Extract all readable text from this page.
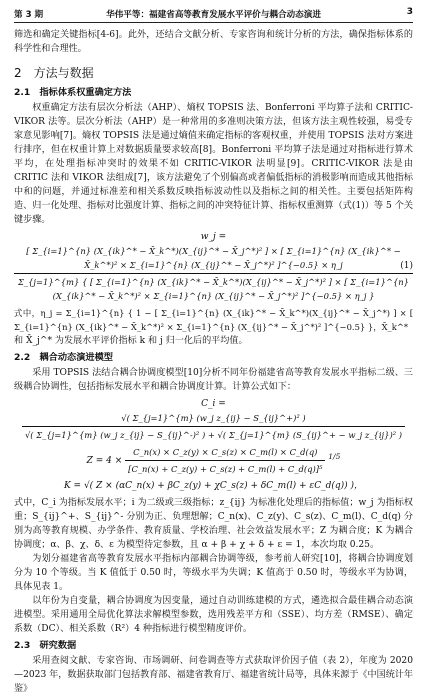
第 3 期	华伟平等：福建省高等教育发展水平评价与耦合动态演进	3

筛选和确定关键指标[4-6]。此外，还结合文献分析、专家咨询和统计分析的方法，确保指标体系的科学性和合理性。

2　方法与数据
2.1　指标体系权重确定方法

权重确定方法有层次分析法（AHP）、熵权 TOPSIS 法、Bonferroni 平均算子法和 CRITIC-VIKOR 法等。层次分析法（AHP）是一种常用的多准则决策方法，但该方法主观性较强，易受专家意见影响[7]。熵权 TOPSIS 法是通过熵值来确定指标的客观权重，并使用 TOPSIS 法对方案进行排序，但在权重计算上对数据质量要求较高[8]。Bonferroni 平均算子法是通过对指标进行算术平均，在处理指标冲突时的效果不如 CRITIC-VIKOR 法明显[9]。CRITIC-VIKOR 法是由 CRITIC 法和 VIKOR 法组成[7]，该方法避免了个别偏高或者偏低指标的消极影响而造成其他指标中和的问题，并通过标准差和相关系数反映指标波动性以及指标之间的相关性。主要包括矩阵构造、归一化处理、指标对比强度计算、指标之间的冲突特征计算、指标权重测算（式(1)）等 5 个关键步骤。

w_j =
[ Σ_{i=1}^{n} (X_{ik}^* − X̄_k^*)(X_{ij}^* − X̄_j^*)² ] × [ Σ_{i=1}^{n} (X_{ik}^* − X̄_k^*)² × Σ_{i=1}^{n} (X_{ij}^* − X̄_j^*)² ]^{−0.5} × η_j
Σ_{j=1}^{m} { [ Σ_{i=1}^{n} (X_{ik}^* − X̄_k^*)(X_{ij}^* − X̄_j^*)² ] × [ Σ_{i=1}^{n} (X_{ik}^* − X̄_k^*)² × Σ_{i=1}^{n} (X_{ij}^* − X̄_j^*)² ]^{−0.5} × η_j }
(1)

式中，η_j = Σ_{i=1}^{n} { 1 − [ Σ_{i=1}^{n} (X_{ik}^* − X̄_k^*)(X_{ij}^* − X̄_j^*) ] × [ Σ_{i=1}^{n} (X_{ik}^* − X̄_k^*)² × Σ_{i=1}^{n} (X_{ij}^* − X̄_j^*)² ]^{−0.5} }，X̄_k^*

和 X̄_j^* 为发展水平评价指标 k 和 j 归一化后的平均值。

2.2　耦合动态演进模型

采用 TOPSIS 法结合耦合协调度模型[10]分析不同年份福建省高等教育发展水平指标二级、三级耦合协调性，包括指标发展水平和耦合协调度计算。计算公式如下：

C_i =
√( Σ_{j=1}^{m} (w_j z_{ij} − S_{ij}^+)² )
√( Σ_{j=1}^{m} (w_j z_{ij} − S_{ij}^-)² ) + √( Σ_{j=1}^{m} (S_{ij}^+ − w_j z_{ij})² )
$Z = 4 \times \frac{C\_n(x) \times C\_z(y) \times C\_s(z) \times C\_m(l) \times C\_d(q)}{\text{[C\_n(x) + C\_z(y) + C\_s(z) + C\_m(l) + C\_d(q)]⁵}} ^{1/5}$
K = √( Z × (αC_n(x) + βC_z(y) + χC_s(z) + δC_m(l) + εC_d(q)) )，

式中，C_i 为指标发展水平；i 为二级或三级指标；z_{ij} 为标准化处理后的指标值；w_j 为指标权重；S_{ij}^+、S_{ij}^- 分别为正、负理想解；C_n(x)、C_z(y)、C_s(z)、C_m(l)、C_d(q) 分别为高等教育规模、办学条件、教育质量、学校治理、社会效益发展水平；Z 为耦合度；K 为耦合协调度；α、β、χ、δ、ε 为模型待定参数，且 α + β + χ + δ + ε = 1，本次均取 0.25。

为划分福建省高等教育发展水平指标内部耦合协调等级，参考前人研究[10]，将耦合协调度划分为 10 个等级。当 K 值低于 0.50 时，等级水平为失调；K 值高于 0.50 时，等级水平为协调，具体见表 1。

以年份为自变量，耦合协调度为因变量，通过自动训练建模的方式，遴选拟合最佳耦合动态演进模型。采用通用全局优化算法求解模型参数，选用残差平方和（SSE）、均方差（RMSE）、确定系数（DC）、相关系数（R²）4 种指标进行模型精度评价。

2.3　研究数据

采用查阅文献、专家咨询、市场调研、问卷调查等方式获取评价因子值（表 2），年度为 2020—2023 年，数据获取部门包括教育部、福建省教育厅、福建省统计局等，具体来源于《中国统计年鉴》
